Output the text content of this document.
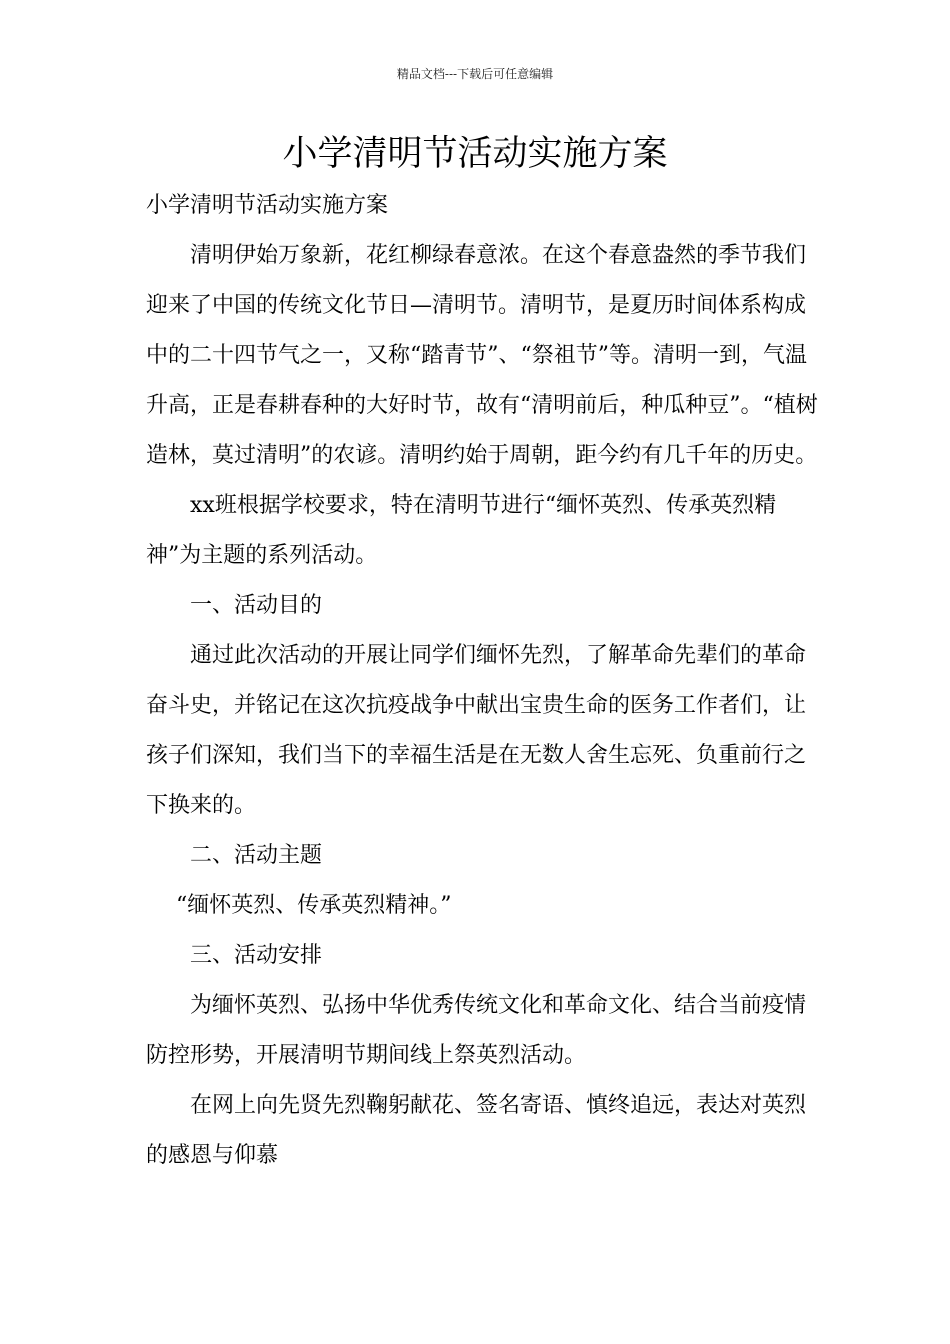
精品文档---下载后可任意编辑
小学清明节活动实施方案

小学清明节活动实施方案

清明伊始万象新，花红柳绿春意浓。在这个春意盎然的季节我们迎来了中国的传统文化节日—清明节。清明节，是夏历时间体系构成中的二十四节气之一，又称“踏青节”、“祭祖节”等。清明一到，气温升高，正是春耕春种的大好时节，故有“清明前后，种瓜种豆”。“植树造林，莫过清明”的农谚。清明约始于周朝，距今约有几千年的历史。

xx班根据学校要求，特在清明节进行“缅怀英烈、传承英烈精神”为主题的系列活动。

一、活动目的

通过此次活动的开展让同学们缅怀先烈，了解革命先辈们的革命奋斗史，并铭记在这次抗疫战争中献出宝贵生命的医务工作者们，让孩子们深知，我们当下的幸福生活是在无数人舍生忘死、负重前行之下换来的。

二、活动主题

“缅怀英烈、传承英烈精神。”

三、活动安排

为缅怀英烈、弘扬中华优秀传统文化和革命文化、结合当前疫情防控形势，开展清明节期间线上祭英烈活动。

在网上向先贤先烈鞠躬献花、签名寄语、慎终追远，表达对英烈的感恩与仰慕
